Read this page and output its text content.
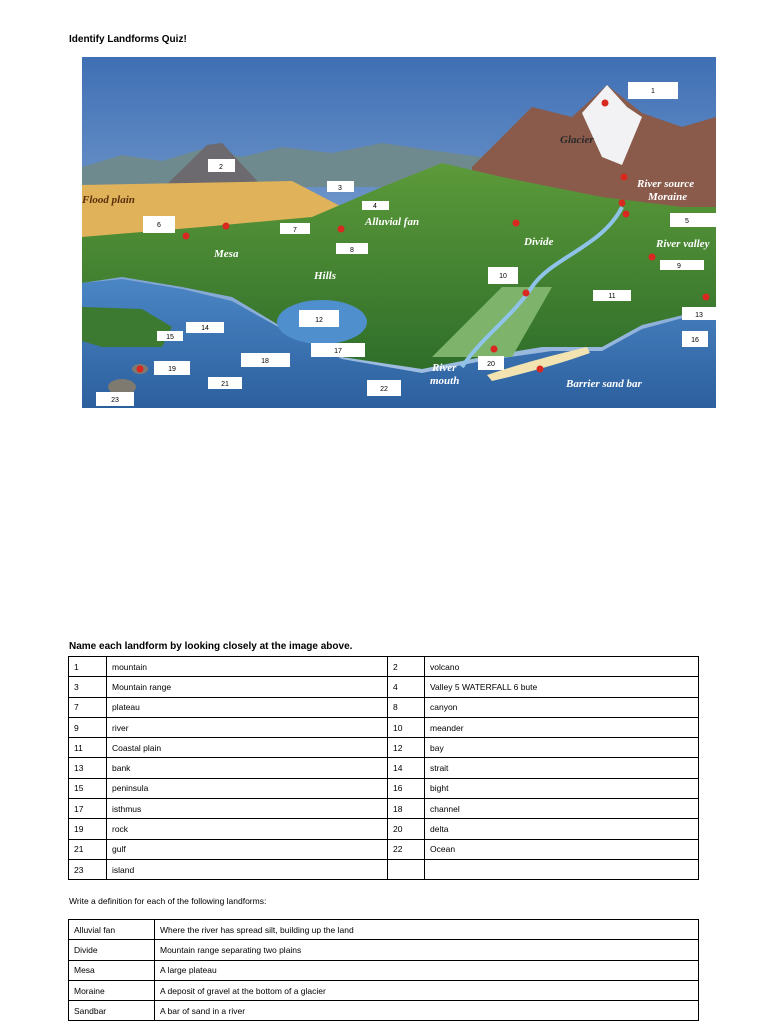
Identify Landforms Quiz!
1
2
3
4
5
6
7
8
9
10
11
12
13
14
15	16
17
18
19
20
21
22
23
Flood plain
Glacier
River source
Moraine
Alluvial fan
Mesa
Divide	River valley
Hills
River
mouth	Barrier sand bar
Name each landform by looking closely at the image above.
1	mountain	2	volcano
3	Mountain range	4	Valley 5 WATERFALL 6 bute
7	plateau	8	canyon
9	river	10	meander
11	Coastal plain	12	bay
13	bank	14	strait
15	peninsula	16	bight
17	isthmus	18	channel
19	rock	20	delta
21	gulf	22	Ocean
23	island		
Write a definition for each of the following landforms:
Alluvial fan	Where the river has spread silt, building up the land
Divide	Mountain range separating two plains
Mesa	A large plateau
Moraine	A deposit of gravel at the bottom of a glacier
Sandbar	A bar of sand in a river
